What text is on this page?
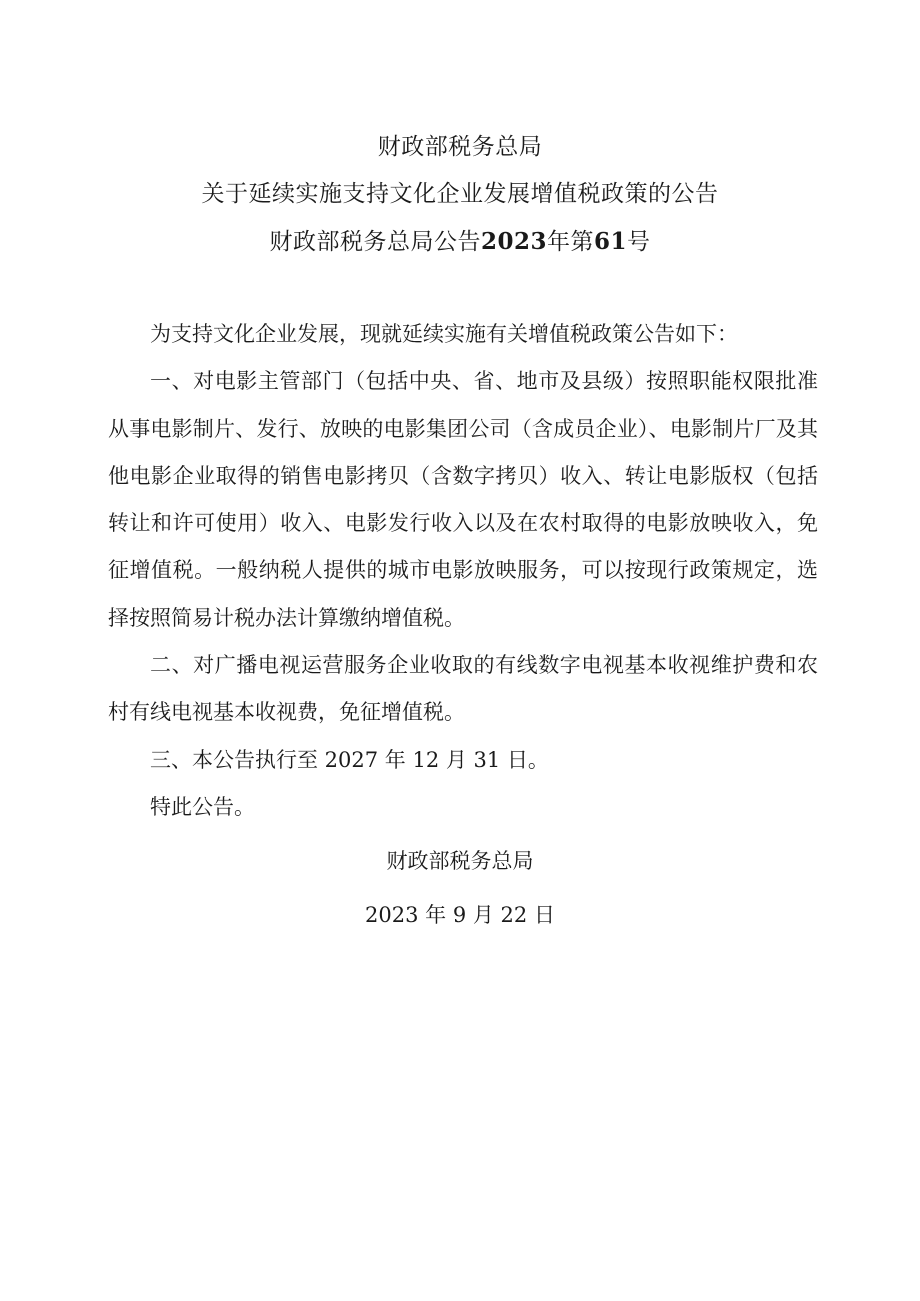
财政部税务总局
关于延续实施支持文化企业发展增值税政策的公告
财政部税务总局公告2023年第61号

为支持文化企业发展，现就延续实施有关增值税政策公告如下：

一、对电影主管部门（包括中央、省、地市及县级）按照职能权限批准从事电影制片、发行、放映的电影集团公司（含成员企业）、电影制片厂及其他电影企业取得的销售电影拷贝（含数字拷贝）收入、转让电影版权（包括转让和许可使用）收入、电影发行收入以及在农村取得的电影放映收入，免征增值税。一般纳税人提供的城市电影放映服务，可以按现行政策规定，选择按照简易计税办法计算缴纳增值税。

二、对广播电视运营服务企业收取的有线数字电视基本收视维护费和农村有线电视基本收视费，免征增值税。

三、本公告执行至 2027 年 12 月 31 日。

特此公告。

财政部税务总局
2023 年 9 月 22 日
